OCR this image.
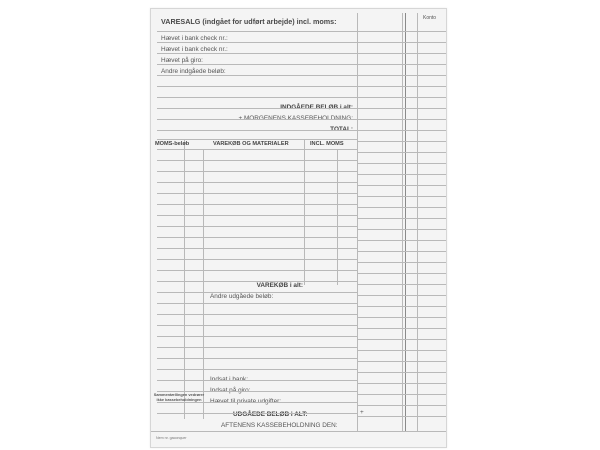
VARESALG (indgået for udført arbejde) incl. moms:	Konto
Hævet i bank check nr.:
Hævet i bank check nr.:
Hævet på giro:
Andre indgåede beløb:
INDGÅEDE BELØB i alt:
+ MORGENENS KASSEBEHOLDNING:
TOTAL:
MOMS-beløb	VAREKØB OG MATERIALER	INCL. MOMS
VAREKØB i alt:
Andre udgåede beløb:
Indsat i bank:
Indsat på giro:
Hævet til private udgifter:
UDGÅEDE BELØB i ALT:	+
AFTENENS KASSEBEHOLDNING DEN:
Sammentællingen vedrører ikke kassebeholdningen
Nem nr. gaconquer
